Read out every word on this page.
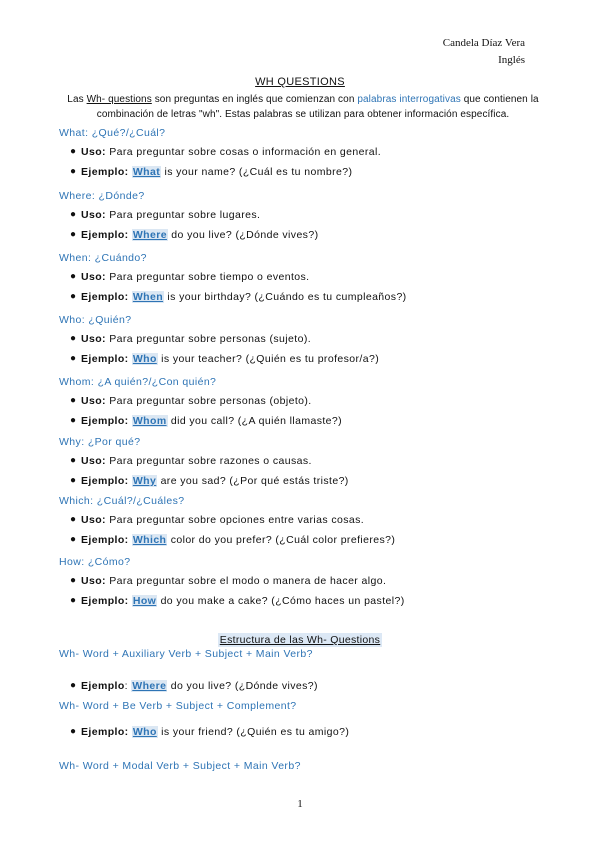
Candela Díaz Vera
Inglés
WH QUESTIONS
Las Wh- questions son preguntas en inglés que comienzan con palabras interrogativas que contienen la
combinación de letras "wh". Estas palabras se utilizan para obtener información específica.
What: ¿Qué?/¿Cuál?
● Uso: Para preguntar sobre cosas o información en general.
● Ejemplo: What is your name? (¿Cuál es tu nombre?)
Where: ¿Dónde?
● Uso: Para preguntar sobre lugares.
● Ejemplo: Where do you live? (¿Dónde vives?)
When: ¿Cuándo?
● Uso: Para preguntar sobre tiempo o eventos.
● Ejemplo: When is your birthday? (¿Cuándo es tu cumpleaños?)
Who: ¿Quién?
● Uso: Para preguntar sobre personas (sujeto).
● Ejemplo: Who is your teacher? (¿Quién es tu profesor/a?)
Whom: ¿A quién?/¿Con quién?
● Uso: Para preguntar sobre personas (objeto).
● Ejemplo: Whom did you call? (¿A quién llamaste?)
Why: ¿Por qué?
● Uso: Para preguntar sobre razones o causas.
● Ejemplo: Why are you sad? (¿Por qué estás triste?)
Which: ¿Cuál?/¿Cuáles?
● Uso: Para preguntar sobre opciones entre varias cosas.
● Ejemplo: Which color do you prefer? (¿Cuál color prefieres?)
How: ¿Cómo?
● Uso: Para preguntar sobre el modo o manera de hacer algo.
● Ejemplo: How do you make a cake? (¿Cómo haces un pastel?)
Estructura de las Wh- Questions
Wh- Word + Auxiliary Verb + Subject + Main Verb?
● Ejemplo: Where do you live? (¿Dónde vives?)
Wh- Word + Be Verb + Subject + Complement?
● Ejemplo: Who is your friend? (¿Quién es tu amigo?)
Wh- Word + Modal Verb + Subject + Main Verb?
1
